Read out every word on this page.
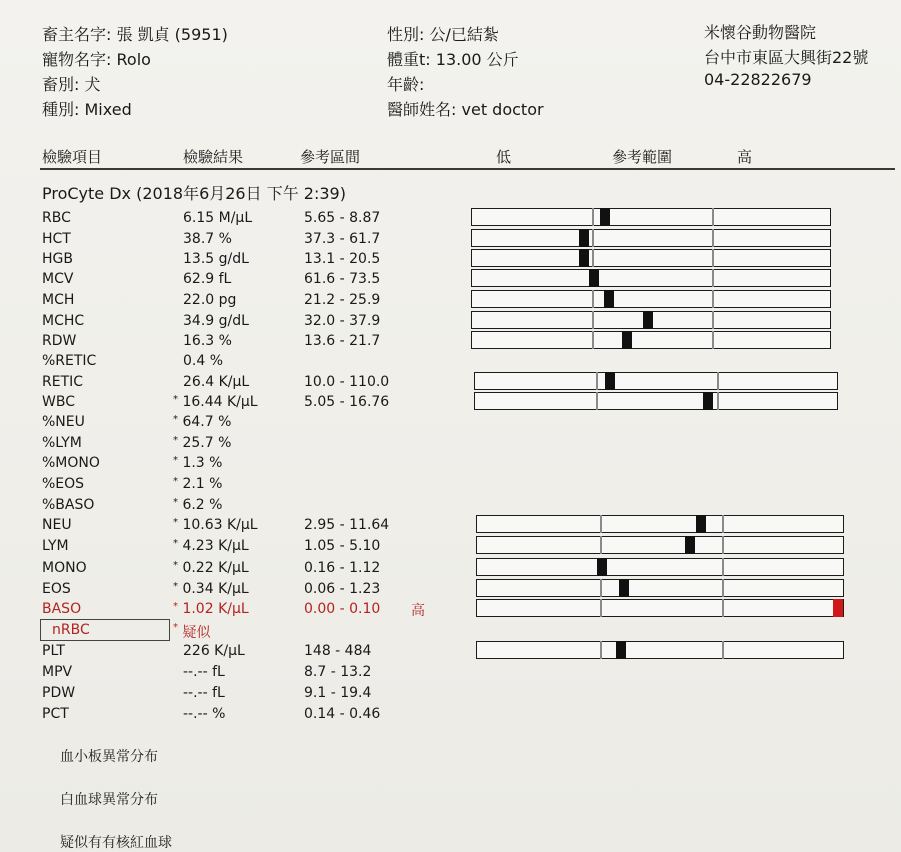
畜主名字: 張 凱貞 (5951)
寵物名字: Rolo
畜別: 犬
種別: Mixed
性別: 公/已結紮
體重t: 13.00 公斤
年齡:
醫師姓名: vet doctor
米懷谷動物醫院
台中市東區大興街22號
04-22822679
檢驗項目	檢驗結果	參考區間	低	參考範圍	高
ProCyte Dx (2018年6月26日 下午 2:39)
RBC	6.15 M/µL	5.65 - 8.87
HCT	38.7 %	37.3 - 61.7
HGB	13.5 g/dL	13.1 - 20.5
MCV	62.9 fL	61.6 - 73.5
MCH	22.0 pg	21.2 - 25.9
MCHC	34.9 g/dL	32.0 - 37.9
RDW	16.3 %	13.6 - 21.7
%RETIC	0.4 %
RETIC	26.4 K/µL	10.0 - 110.0
WBC	* 16.44 K/µL	5.05 - 16.76
%NEU	* 64.7 %
%LYM	* 25.7 %
%MONO	* 1.3 %
%EOS	* 2.1 %
%BASO	* 6.2 %
NEU	* 10.63 K/µL	2.95 - 11.64
LYM	* 4.23 K/µL	1.05 - 5.10
MONO	* 0.22 K/µL	0.16 - 1.12
EOS	* 0.34 K/µL	0.06 - 1.23
BASO	* 1.02 K/µL	0.00 - 0.10 高
nRBC	* 疑似
PLT	226 K/µL	148 - 484
MPV	--.-- fL	8.7 - 13.2
PDW	--.-- fL	9.1 - 19.4
PCT	--.-- %	0.14 - 0.46
血小板異常分布
白血球異常分布
疑似有有核紅血球
